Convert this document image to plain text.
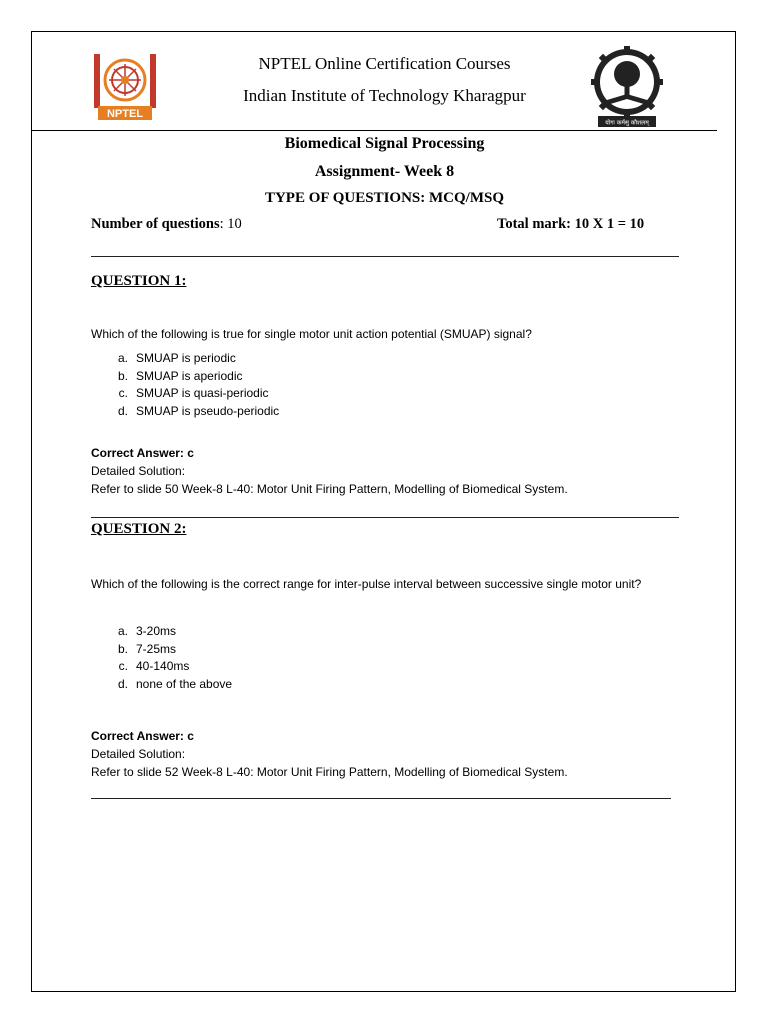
NPTEL
योगः कर्मसु कौशलम्
NPTEL Online Certification Courses
Indian Institute of Technology Kharagpur
Biomedical Signal Processing
Assignment- Week 8
TYPE OF QUESTIONS: MCQ/MSQ
Number of questions: 10	Total mark: 10 X 1 = 10
QUESTION 1:
Which of the following is true for single motor unit action potential (SMUAP) signal?
a. SMUAP is periodic
b. SMUAP is aperiodic
c. SMUAP is quasi-periodic
d. SMUAP is pseudo-periodic
Correct Answer: c
Detailed Solution:
Refer to slide 50 Week-8 L-40: Motor Unit Firing Pattern, Modelling of Biomedical System.
QUESTION 2:
Which of the following is the correct range for inter-pulse interval between successive single motor unit?
a. 3-20ms
b. 7-25ms
c. 40-140ms
d. none of the above
Correct Answer: c
Detailed Solution:
Refer to slide 52 Week-8 L-40: Motor Unit Firing Pattern, Modelling of Biomedical System.
